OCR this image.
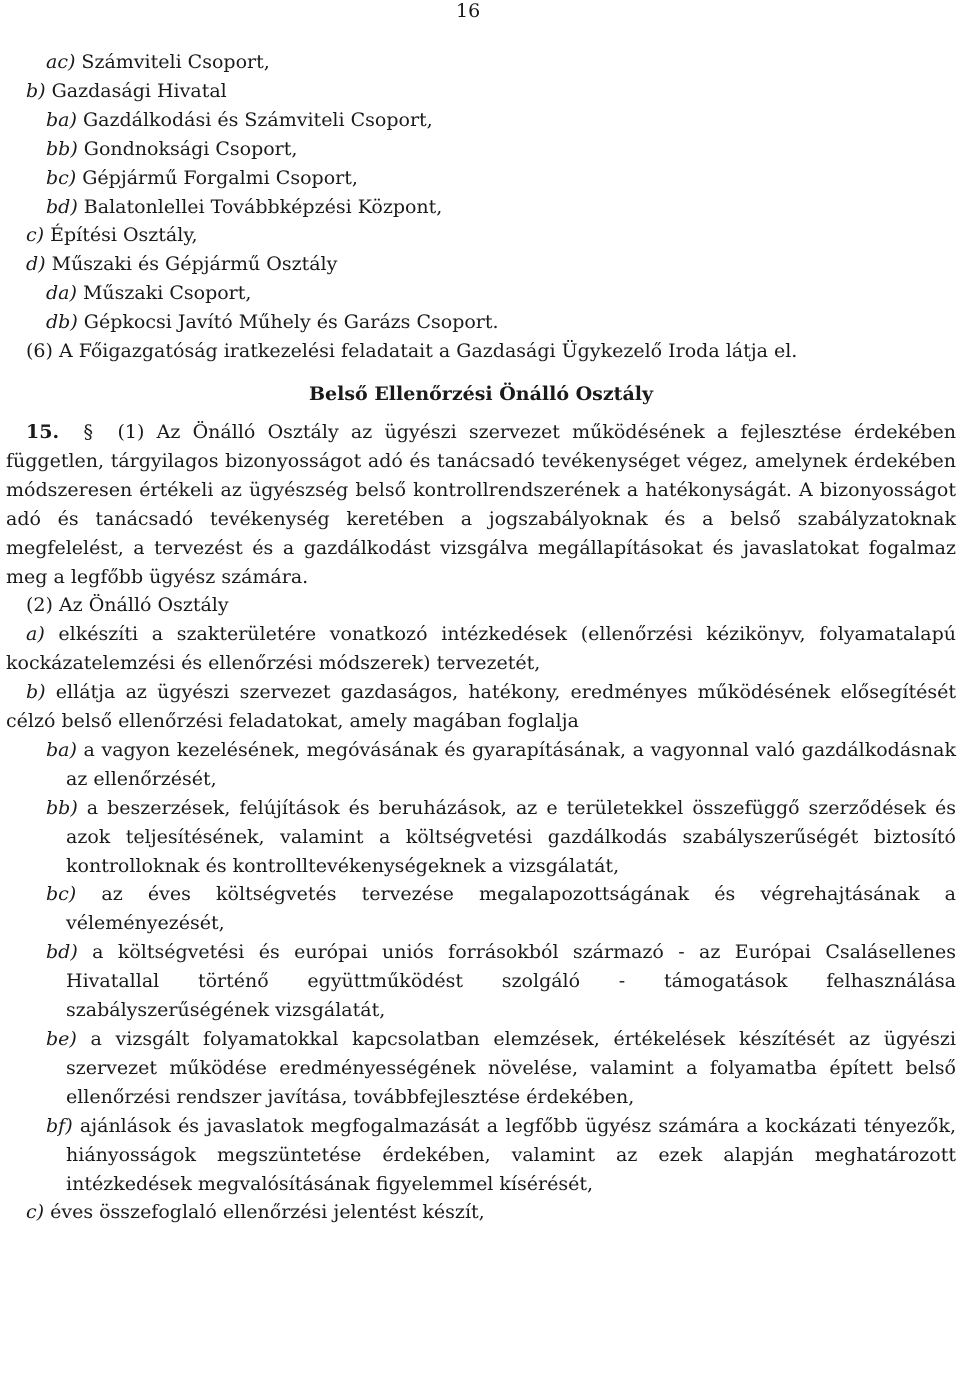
16
ac) Számviteli Csoport,
b) Gazdasági Hivatal
ba) Gazdálkodási és Számviteli Csoport,
bb) Gondnoksági Csoport,
bc) Gépjármű Forgalmi Csoport,
bd) Balatonlellei Továbbképzési Központ,
c) Építési Osztály,
d) Műszaki és Gépjármű Osztály
da) Műszaki Csoport,
db) Gépkocsi Javító Műhely és Garázs Csoport.
(6) A Főigazgatóság iratkezelési feladatait a Gazdasági Ügykezelő Iroda látja el.
Belső Ellenőrzési Önálló Osztály
15. § (1) Az Önálló Osztály az ügyészi szervezet működésének a fejlesztése érdekében független, tárgyilagos bizonyosságot adó és tanácsadó tevékenységet végez, amelynek érdekében módszeresen értékeli az ügyészség belső kontrollrendszerének a hatékonyságát. A bizonyosságot adó és tanácsadó tevékenység keretében a jogszabályoknak és a belső szabályzatoknak megfelelést, a tervezést és a gazdálkodást vizsgálva megállapításokat és javaslatokat fogalmaz meg a legfőbb ügyész számára.
(2) Az Önálló Osztály
a) elkészíti a szakterületére vonatkozó intézkedések (ellenőrzési kézikönyv, folyamatalapú kockázatelemzési és ellenőrzési módszerek) tervezetét,
b) ellátja az ügyészi szervezet gazdaságos, hatékony, eredményes működésének elősegítését célzó belső ellenőrzési feladatokat, amely magában foglalja
ba) a vagyon kezelésének, megóvásának és gyarapításának, a vagyonnal való gazdálkodásnak az ellenőrzését,
bb) a beszerzések, felújítások és beruházások, az e területekkel összefüggő szerződések és azok teljesítésének, valamint a költségvetési gazdálkodás szabályszerűségét biztosító kontrolloknak és kontrolltevékenységeknek a vizsgálatát,
bc) az éves költségvetés tervezése megalapozottságának és végrehajtásának a véleményezését,
bd) a költségvetési és európai uniós forrásokból származó - az Európai Csalásellenes Hivatallal történő együttműködést szolgáló - támogatások felhasználása szabályszerűségének vizsgálatát,
be) a vizsgált folyamatokkal kapcsolatban elemzések, értékelések készítését az ügyészi szervezet működése eredményességének növelése, valamint a folyamatba épített belső ellenőrzési rendszer javítása, továbbfejlesztése érdekében,
bf) ajánlások és javaslatok megfogalmazását a legfőbb ügyész számára a kockázati tényezők, hiányosságok megszüntetése érdekében, valamint az ezek alapján meghatározott intézkedések megvalósításának figyelemmel kísérését,
c) éves összefoglaló ellenőrzési jelentést készít,
